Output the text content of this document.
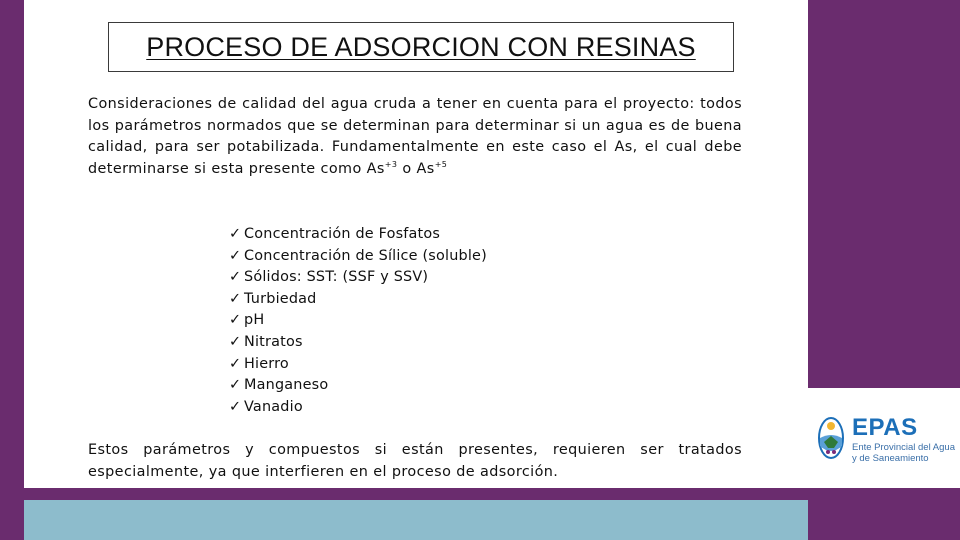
PROCESO DE ADSORCION CON RESINAS
Consideraciones de calidad del agua cruda a tener en cuenta para el proyecto: todos los parámetros normados que se determinan para determinar si un agua es de buena calidad, para ser potabilizada. Fundamentalmente en este caso el As, el cual debe determinarse si esta presente como $As^{+3}$ o $As^{+5}$
✓ Concentración de Fosfatos
✓ Concentración de Sílice (soluble)
✓ Sólidos: SST: (SSF y SSV)
✓ Turbiedad
✓ pH
✓ Nitratos
✓ Hierro
✓ Manganeso
✓ Vanadio
Estos parámetros y compuestos si están presentes, requieren ser tratados especialmente, ya que interfieren en el proceso de adsorción.
EPAS
Ente Provincial del Agua
y de Saneamiento
